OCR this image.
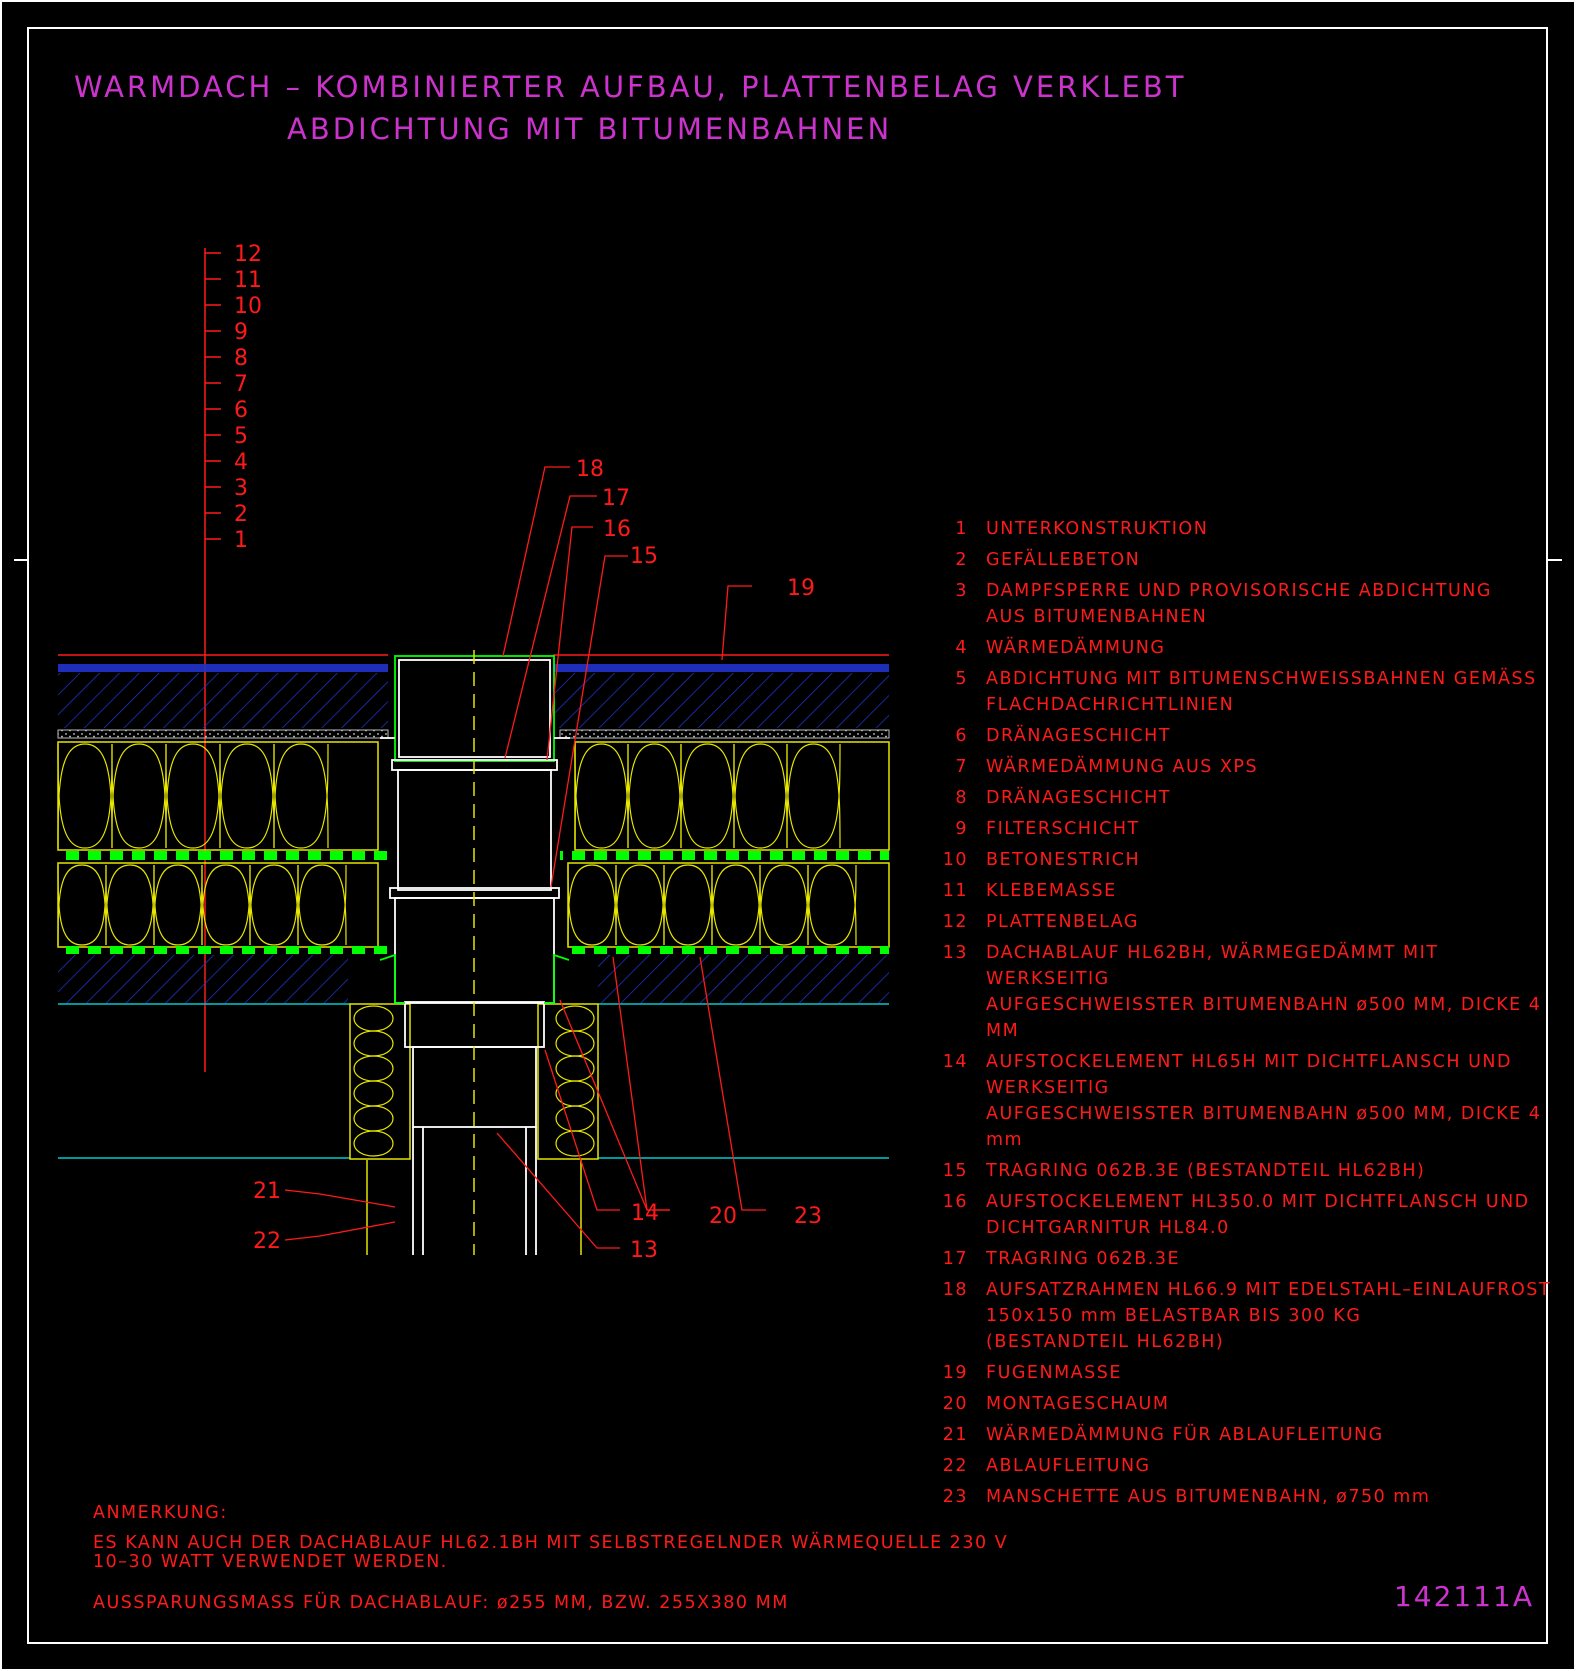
WARMDACH – KOMBINIERTER AUFBAU, PLATTENBELAG VERKLEBT
ABDICHTUNG MIT BITUMENBAHNEN
12
11
10
9
8
7
6
5
4
3
2
1
18
17
16
15
19
21
22
14 20	23
13
1	UNTERKONSTRUKTION
2	GEFÄLLEBETON
3	DAMPFSPERRE UND PROVISORISCHE ABDICHTUNG
AUS BITUMENBAHNEN
4	WÄRMEDÄMMUNG
5	ABDICHTUNG MIT BITUMENSCHWEISSBAHNEN GEMÄSS
FLACHDACHRICHTLINIEN
6	DRÄNAGESCHICHT
7	WÄRMEDÄMMUNG AUS XPS
8	DRÄNAGESCHICHT
9	FILTERSCHICHT
10	BETONESTRICH
11	KLEBEMASSE
12	PLATTENBELAG
13	DACHABLAUF HL62BH, WÄRMEGEDÄMMT MIT WERKSEITIG
AUFGESCHWEISSTER BITUMENBAHN ø500 MM, DICKE 4 MM
14	AUFSTOCKELEMENT HL65H MIT DICHTFLANSCH UND WERKSEITIG
AUFGESCHWEISSTER BITUMENBAHN ø500 MM, DICKE 4 mm
15	TRAGRING 062B.3E (BESTANDTEIL HL62BH)
16	AUFSTOCKELEMENT HL350.0 MIT DICHTFLANSCH UND
DICHTGARNITUR HL84.0
17	TRAGRING 062B.3E
18	AUFSATZRAHMEN HL66.9 MIT EDELSTAHL–EINLAUFROST
150x150 mm BELASTBAR BIS 300 KG
(BESTANDTEIL HL62BH)
19	FUGENMASSE
20	MONTAGESCHAUM
21	WÄRMEDÄMMUNG FÜR ABLAUFLEITUNG
22	ABLAUFLEITUNG
23	MANSCHETTE AUS BITUMENBAHN, ø750 mm
ANMERKUNG:
ES KANN AUCH DER DACHABLAUF HL62.1BH MIT SELBSTREGELNDER WÄRMEQUELLE 230 V
10–30 WATT VERWENDET WERDEN.
AUSSPARUNGSMASS FÜR DACHABLAUF: ø255 MM, BZW. 255X380 MM	142111A
